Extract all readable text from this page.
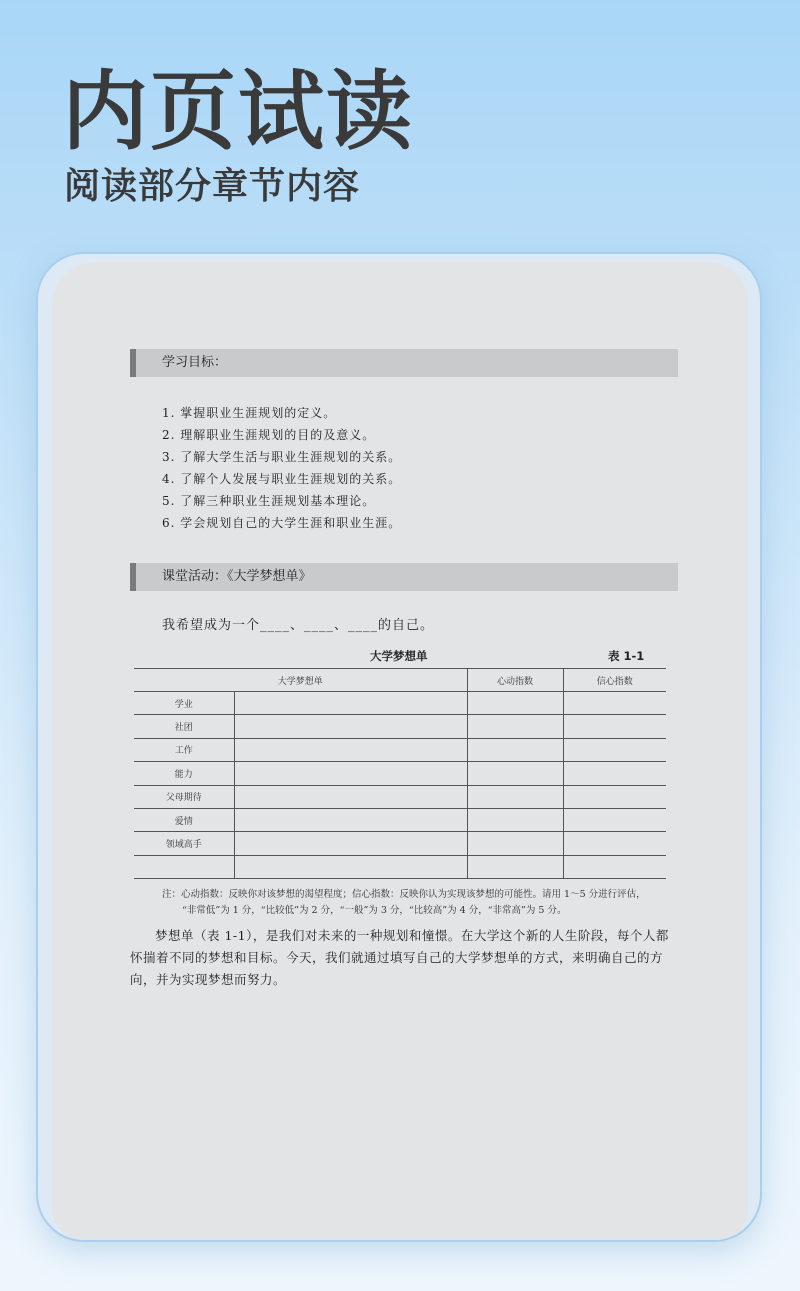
内页试读
阅读部分章节内容
学习目标：
1. 掌握职业生涯规划的定义。
2. 理解职业生涯规划的目的及意义。
3. 了解大学生活与职业生涯规划的关系。
4. 了解个人发展与职业生涯规划的关系。
5. 了解三种职业生涯规划基本理论。
6. 学会规划自己的大学生涯和职业生涯。
课堂活动：《大学梦想单》
我希望成为一个____、____、____的自己。
大学梦想单	表 1-1
大学梦想单		心动指数	信心指数
学业			
社团			
工作			
能力			
父母期待			
爱情			
领域高手			

注：心动指数：反映你对该梦想的渴望程度；信心指数：反映你认为实现该梦想的可能性。请用 1～5 分进行评估，
“非常低”为 1 分，“比较低”为 2 分，“一般”为 3 分，“比较高”为 4 分，“非常高”为 5 分。

梦想单（表 1-1），是我们对未来的一种规划和憧憬。在大学这个新的人生阶段，每个人都怀揣着不同的梦想和目标。今天，我们就通过填写自己的大学梦想单的方式，来明确自己的方向，并为实现梦想而努力。
